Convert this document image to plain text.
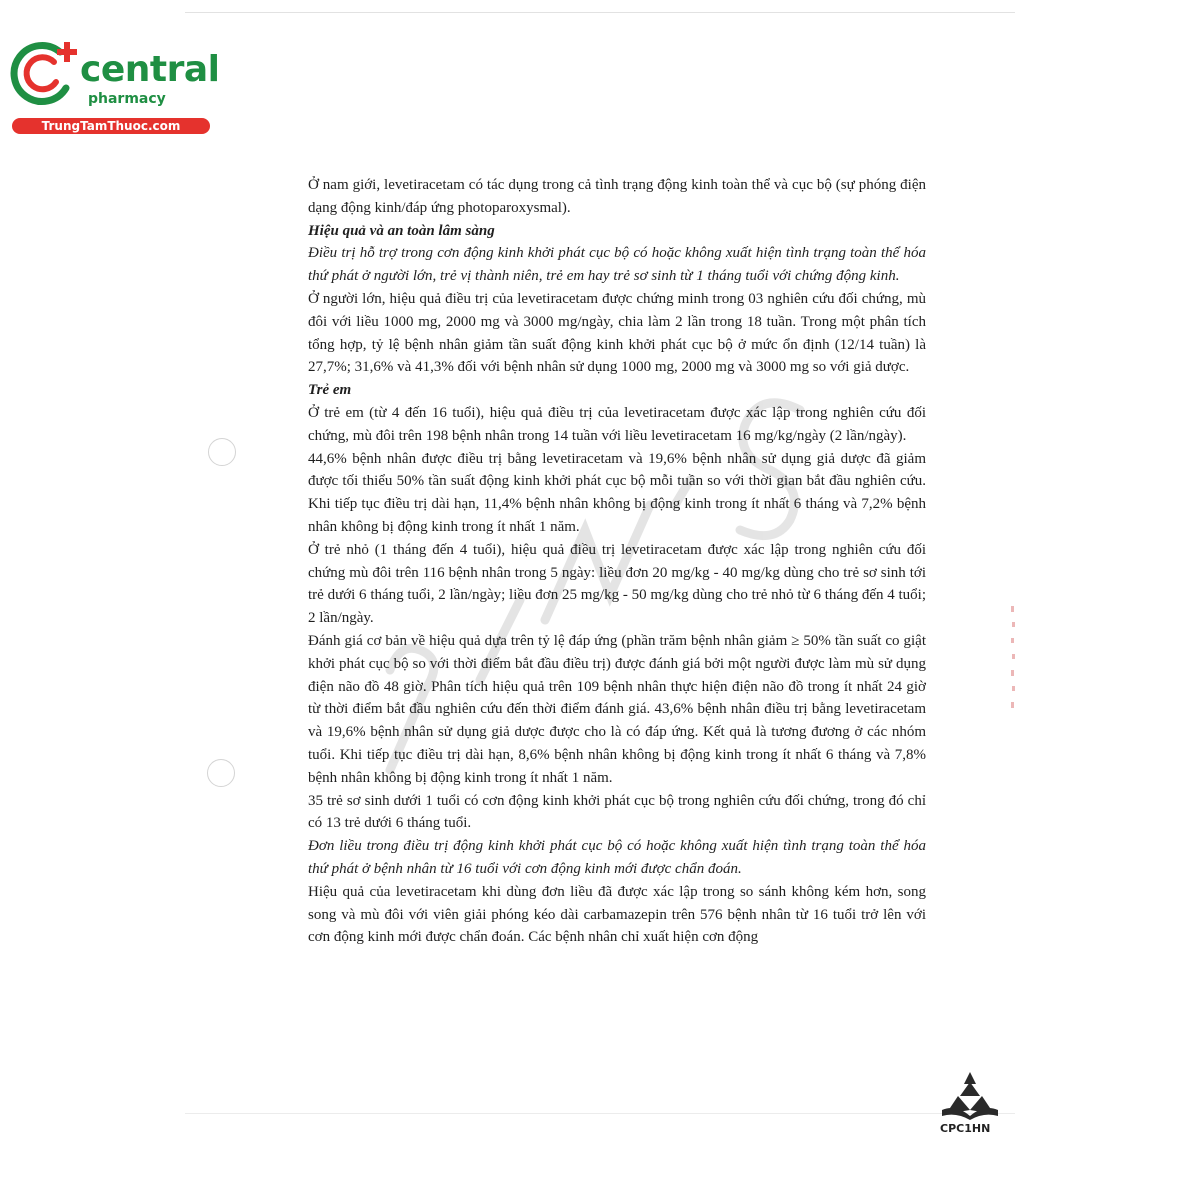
central
pharmacy
TrungTamThuoc.com

Ở nam giới, levetiracetam có tác dụng trong cả tình trạng động kinh toàn thể và cục bộ (sự phóng điện dạng động kinh/đáp ứng photoparoxysmal).

Hiệu quả và an toàn lâm sàng

Điều trị hỗ trợ trong cơn động kinh khởi phát cục bộ có hoặc không xuất hiện tình trạng toàn thể hóa thứ phát ở người lớn, trẻ vị thành niên, trẻ em hay trẻ sơ sinh từ 1 tháng tuổi với chứng động kinh.

Ở người lớn, hiệu quả điều trị của levetiracetam được chứng minh trong 03 nghiên cứu đối chứng, mù đôi với liều 1000 mg, 2000 mg và 3000 mg/ngày, chia làm 2 lần trong 18 tuần. Trong một phân tích tổng hợp, tỷ lệ bệnh nhân giảm tần suất động kinh khởi phát cục bộ ở mức ổn định (12/14 tuần) là 27,7%; 31,6% và 41,3% đối với bệnh nhân sử dụng 1000 mg, 2000 mg và 3000 mg so với giả dược.

Trẻ em

Ở trẻ em (từ 4 đến 16 tuổi), hiệu quả điều trị của levetiracetam được xác lập trong nghiên cứu đối chứng, mù đôi trên 198 bệnh nhân trong 14 tuần với liều levetiracetam 16 mg/kg/ngày (2 lần/ngày).

44,6% bệnh nhân được điều trị bằng levetiracetam và 19,6% bệnh nhân sử dụng giả dược đã giảm được tối thiểu 50% tần suất động kinh khởi phát cục bộ mỗi tuần so với thời gian bắt đầu nghiên cứu. Khi tiếp tục điều trị dài hạn, 11,4% bệnh nhân không bị động kinh trong ít nhất 6 tháng và 7,2% bệnh nhân không bị động kinh trong ít nhất 1 năm.

Ở trẻ nhỏ (1 tháng đến 4 tuổi), hiệu quả điều trị levetiracetam được xác lập trong nghiên cứu đối chứng mù đôi trên 116 bệnh nhân trong 5 ngày: liều đơn 20 mg/kg - 40 mg/kg dùng cho trẻ sơ sinh tới trẻ dưới 6 tháng tuổi, 2 lần/ngày; liều đơn 25 mg/kg - 50 mg/kg dùng cho trẻ nhỏ từ 6 tháng đến 4 tuổi; 2 lần/ngày.

Đánh giá cơ bản về hiệu quả dựa trên tỷ lệ đáp ứng (phần trăm bệnh nhân giảm ≥ 50% tần suất co giật khởi phát cục bộ so với thời điểm bắt đầu điều trị) được đánh giá bởi một người được làm mù sử dụng điện não đồ 48 giờ. Phân tích hiệu quả trên 109 bệnh nhân thực hiện điện não đồ trong ít nhất 24 giờ từ thời điểm bắt đầu nghiên cứu đến thời điểm đánh giá. 43,6% bệnh nhân điều trị bằng levetiracetam và 19,6% bệnh nhân sử dụng giả dược được cho là có đáp ứng. Kết quả là tương đương ở các nhóm tuổi. Khi tiếp tục điều trị dài hạn, 8,6% bệnh nhân không bị động kinh trong ít nhất 6 tháng và 7,8% bệnh nhân không bị động kinh trong ít nhất 1 năm.

35 trẻ sơ sinh dưới 1 tuổi có cơn động kinh khởi phát cục bộ trong nghiên cứu đối chứng, trong đó chỉ có 13 trẻ dưới 6 tháng tuổi.

Đơn liều trong điều trị động kinh khởi phát cục bộ có hoặc không xuất hiện tình trạng toàn thể hóa thứ phát ở bệnh nhân từ 16 tuổi với cơn động kinh mới được chẩn đoán.

Hiệu quả của levetiracetam khi dùng đơn liều đã được xác lập trong so sánh không kém hơn, song song và mù đôi với viên giải phóng kéo dài carbamazepin trên 576 bệnh nhân từ 16 tuổi trở lên với cơn động kinh mới được chẩn đoán. Các bệnh nhân chỉ xuất hiện cơn động

CPC1HN
